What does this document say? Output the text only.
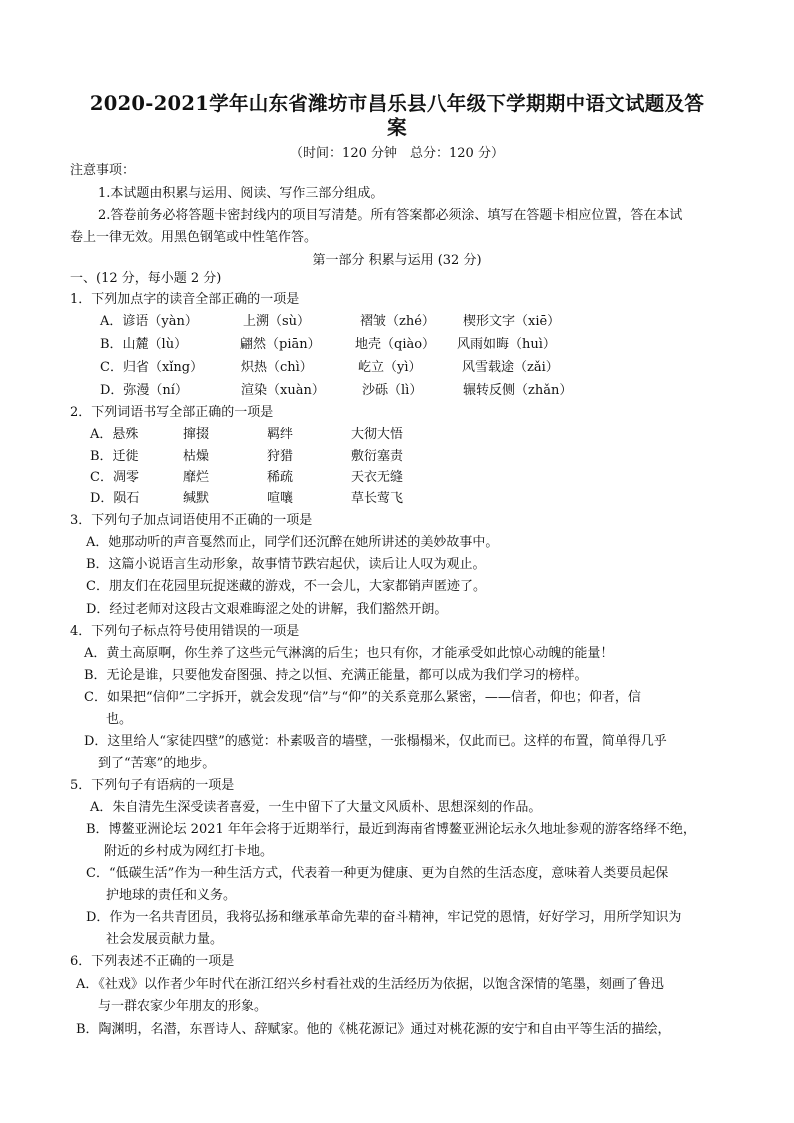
2020-2021学年山东省潍坊市昌乐县八年级下学期期中语文试题及答
案
（时间：120 分钟　总分：120 分）
注意事项：
1.本试题由积累与运用、阅读、写作三部分组成。
2.答卷前务必将答题卡密封线内的项目写清楚。所有答案都必须涂、填写在答题卡相应位置，答在本试
卷上一律无效。用黑色钢笔或中性笔作答。
第一部分 积累与运用 (32 分)
一、(12 分，每小题 2 分)
1．下列加点字的读音全部正确的一项是
A．谚语（yàn）	上溯（sù）	褶皱（zhé） 楔形文字（xiē）
B．山麓（lù）	翩然（piān）	地壳（qiào） 风雨如晦（huì）
C．归省（xǐng）	炽热（chì）	屹立（yì）	风雪载途（zǎi）
D．弥漫（ní）	渲染（xuàn）	沙砾（lì）	辗转反侧（zhǎn）
2．下列词语书写全部正确的一项是
A．悬殊	撺掇	羁绊	大彻大悟
B．迁徙	枯燥	狩猎	敷衍塞责
C．凋零	靡烂	稀疏	天衣无缝
D．陨石	缄默	喧嚷	草长莺飞
3．下列句子加点词语使用不正确的一项是
A．她那动听的声音戛然而止，同学们还沉醉在她所讲述的美妙故事中。
B．这篇小说语言生动形象，故事情节跌宕起伏，读后让人叹为观止。
C．朋友们在花园里玩捉迷藏的游戏，不一会儿，大家都销声匿迹了。
D．经过老师对这段古文艰难晦涩之处的讲解，我们豁然开朗。
4．下列句子标点符号使用错误的一项是
A．黄土高原啊，你生养了这些元气淋漓的后生；也只有你，才能承受如此惊心动魄的能量！
B．无论是谁，只要他发奋图强、持之以恒、充满正能量，都可以成为我们学习的榜样。
C．如果把“信仰”二字拆开，就会发现“信”与“仰”的关系竟那么紧密，——信者，仰也；仰者，信
也。
D．这里给人“家徒四壁”的感觉：朴素吸音的墙壁，一张榻榻米，仅此而已。这样的布置，简单得几乎
到了“苦寒”的地步。
5．下列句子有语病的一项是
A．朱自清先生深受读者喜爱，一生中留下了大量文风质朴、思想深刻的作品。
B．博鳌亚洲论坛 2021 年年会将于近期举行，最近到海南省博鳌亚洲论坛永久地址参观的游客络绎不绝，
附近的乡村成为网红打卡地。
C．“低碳生活”作为一种生活方式，代表着一种更为健康、更为自然的生活态度，意味着人类要员起保
护地球的责任和义务。
D．作为一名共青团员，我将弘扬和继承革命先辈的奋斗精神，牢记党的恩情，好好学习，用所学知识为
社会发展贡献力量。
6．下列表述不正确的一项是
A．《社戏》以作者少年时代在浙江绍兴乡村看社戏的生活经历为依据，以饱含深情的笔墨，刻画了鲁迅
与一群农家少年朋友的形象。
B．陶渊明，名潜，东晋诗人、辞赋家。他的《桃花源记》通过对桃花源的安宁和自由平等生活的描绘，
